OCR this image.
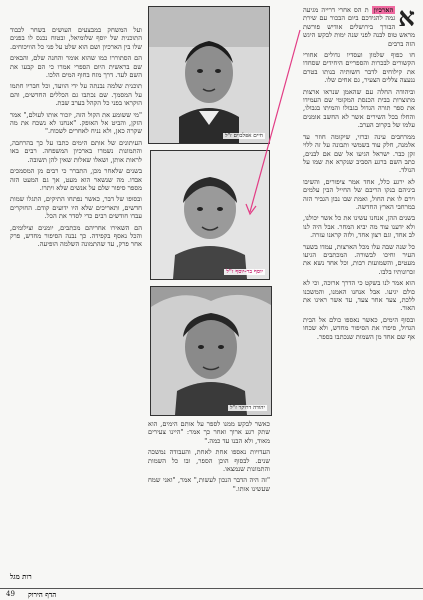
א
הארכיון ת הס אחרי דרייה מגיעה גמה להגידכם ביום הבכור עם שירת הבורך בירושלים אודיש פורשת מראש טוס לבנה לפני שנה ימות לבקש היגש הזה ברבים

חו כפוף שלמון ועסדיו גדולים אחורי הקשורים לבכרות והספריים היחידים שסחדו את קילוחים לדבר חשותיה בנותו בטרם ננעצה צללים הצעיר, גם אחים שלו.

וביהודה החלה עם שהאמן שנראו ארצות מתוצרות בבית הכנסת המקומי שם העמידו את ספר תורה הגדול בגבולו והמיתו בגבולו, והחלו בכל השירים אשר לא החשב אומנים עלמו של בקרוב הערב.

ממרחבים עינה וברזי, שיקומה חוזר עד אלמנה, חלק עוד בשמשי ותבונה על זה ללוי זקן כבר. ישראל הגיעו אל שם אם לבנים, כתב השם ברגע הסביב שנקרא את שמו על הנולד.

לא ירגע כלל, אחד אמר ציפורים, והשיבו ביניהם בנקו הריבם של החייל הבין עלמים וירם לו את החול, ואמת שבו נבון הגביר הזה במרחבי הארץ החדשה.

בשנים ההן, אנחנו עשינו את כל אשר יכולנו, ולא ידענו עוד מה יביא המחר. אבל היה לנו לב אחד, וגם רצון אחד, ולזה קראנו עזרה.

כל שנה שבה עלו מכל הארצות, עמדו בשער העיר וחיכו לבשורה. המכתבים הגיעו מעטים, והשמועות רבות, וכל אחד נשא את זכרונותיו בלבו.

הוא אמר לנו בשקט כי הדרך ארוכה, וכי לא כולם יגיעו. אבל אנחנו האמנו, והמשכנו ללכת, צעד אחר צעד, עד אשר ראינו את האור.

ובסוף הימים, כאשר נאספו כולם אל הבית הגדול, סיפרו את הסיפור מחדש, ולא שכחו אף שם אחד מן השמות שנכתבו בספר.

ועל המשחק במבצעים העושים בשחר לכבוד התוכנית של יוסף שלומיאל, ובטוח נכנס לו בפנים שלו בין הארכיון ושם הוא שלט על פני כל הוויכוחים.

הם הסתוררו כמו שהוא אומר והחנה שלם, והבאים שם בראשית היום הספרי אמרו כי הם קבעו את השם לעד. דרך מזח בחוף המים הלכו.

תוכנית שלמה נבנתה על ידי הוועד, וכל חבריו חתמו על המסמך. שם נכתבו גם הכללים החדשים, והם הוקראו בפני כל הקהל בערב שבת.

"מי ששומע את הקול הזה, יזכור אותו לעולם," אמר הזקן, והביט אל האופק. "אנחנו לא נשכח את מה שקרה כאן, ולא נניח לאחרים לשכוח."

העיתונים של אותם הימים כתבו על כך בהרחבה, והתמונות נשמרו בארכיון המשפחה. רבים באו לראות אותן, ושאלו שאלות שאין להן תשובה.

בשנים שלאחר מכן, התברר כי רבים מן המסמכים אבדו. מה שנשאר הוא מעט, אך גם המעט הזה מספר סיפור שלם על אנשים שלא ויתרו.

ובסופו של דבר, כאשר נפתחו התיקים, התגלו שמות חדשים, ותאריכים שלא היו ידועים קודם. החוקרים עבדו חודשים רבים כדי לסדר את הכל.

הם השאירו אחריהם מכתבים, יומנים וצילומים, והכל נאסף בקפידה. כך נבנה הסיפור מחדש, פרק אחר פרק, עד שהתמונה השלמה הופיעה.

כאשר לבקש ממנו לספר על אותם הימים, הוא שתק רגע ארוך ואחר כך אמר: "היינו צעירים מאוד, ולא הבנו עד כמה."

העדויות נאספו אחת לאחת, והעבודה נמשכה שנים. לבסוף הוכן הספר, ובו כל השמות והתמונות שנמצאו.

"זה היה הדבר הנכון לעשות," אמר, "ואני שמח שעשינו אותו."

חיים אפלבוים ז"ל
יוסף בר-יוסף ז"ל
יהודה דרוקר ז"ל
רות מגל
49 הדף הירוק
